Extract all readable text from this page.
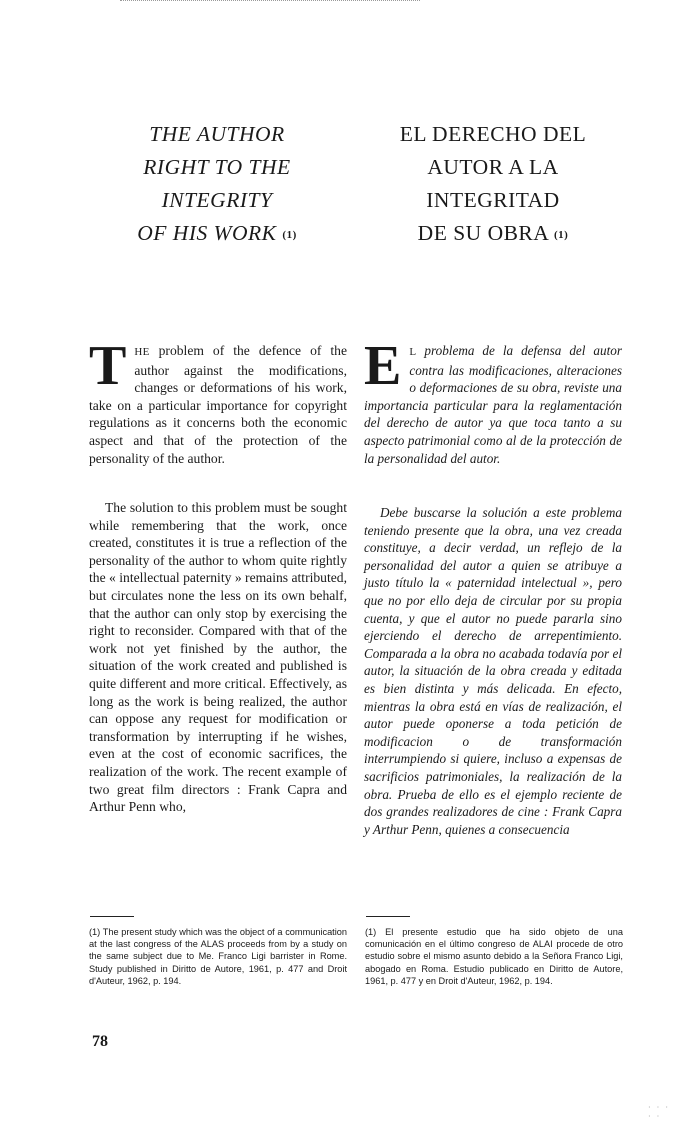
THE AUTHOR
RIGHT TO THE
INTEGRITY
OF HIS WORK $^{(1)}$
EL DERECHO DEL
AUTOR A LA
INTEGRITAD
DE SU OBRA $^{(1)}$

THE problem of the defence of the author against the modifications, changes or deformations of his work, take on a particular importance for copyright regulations as it concerns both the economic aspect and that of the protection of the personality of the author.

The solution to this problem must be sought while remembering that the work, once created, constitutes it is true a reflection of the personality of the author to whom quite rightly the « intellectual paternity » remains attributed, but circulates none the less on its own behalf, that the author can only stop by exercising the right to reconsider. Compared with that of the work not yet finished by the author, the situation of the work created and published is quite different and more critical. Effectively, as long as the work is being realized, the author can oppose any request for modification or transformation by interrupting if he wishes, even at the cost of economic sacrifices, the realization of the work. The recent example of two great film directors : Frank Capra and Arthur Penn who,

E L problema de la defensa del autor contra las modificaciones, alteraciones o deformaciones de su obra, reviste una importancia particular para la reglamentación del derecho de autor ya que toca tanto a su aspecto patrimonial como al de la protección de la personalidad del autor.

Debe buscarse la solución a este problema teniendo presente que la obra, una vez creada constituye, a decir verdad, un reflejo de la personalidad del autor a quien se atribuye a justo título la « paternidad intelectual », pero que no por ello deja de circular por su propia cuenta, y que el autor no puede pararla sino ejerciendo el derecho de arrepentimiento. Comparada a la obra no acabada todavía por el autor, la situación de la obra creada y editada es bien distinta y más delicada. En efecto, mientras la obra está en vías de realización, el autor puede oponerse a toda petición de modificacion o de transformación interrumpiendo si quiere, incluso a expensas de sacrificios patrimoniales, la realización de la obra. Prueba de ello es el ejemplo reciente de dos grandes realizadores de cine : Frank Capra y Arthur Penn, quienes a consecuencia

(1) The present study which was the object of a communication at the last congress of the ALAS proceeds from by a study on the same subject due to Me. Franco Ligi barrister in Rome. Study published in Diritto de Autore, 1961, p. 477 and Droit d'Auteur, 1962, p. 194.

(1) El presente estudio que ha sido objeto de una comunicación en el último congreso de ALAI procede de otro estudio sobre el mismo asunto debido a la Señora Franco Ligi, abogado en Roma. Estudio publicado en Diritto de Autore, 1961, p. 477 y en Droit d'Auteur, 1962, p. 194.

78
· · ·
· ·
